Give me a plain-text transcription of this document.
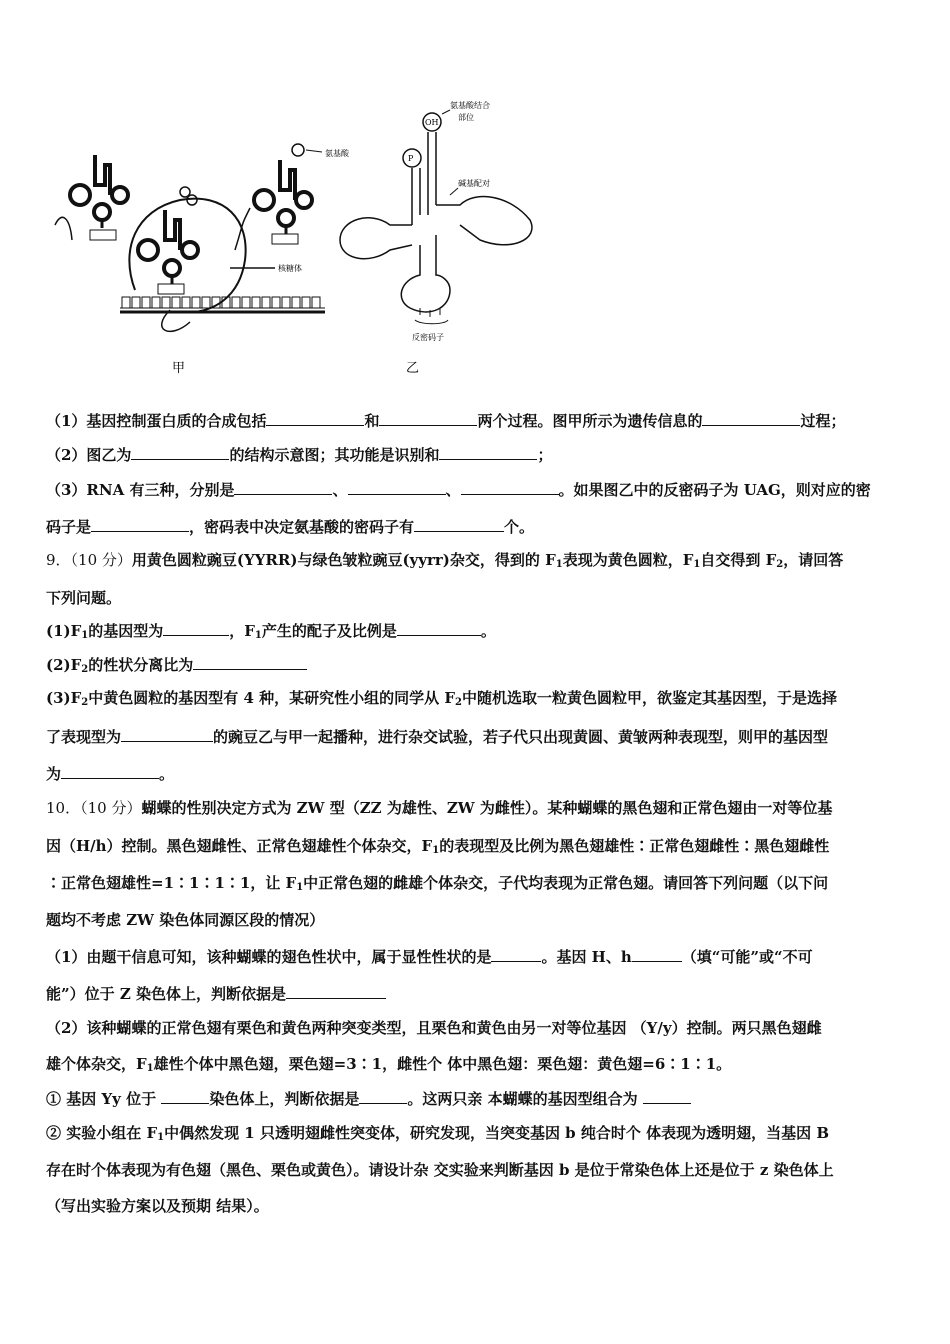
氨基酸
核糖体
OH
P
氨基酸结合
部位
碱基配对
反密码子
甲	乙
（1）基因控制蛋白质的合成包括	和	两个过程。图甲所示为遗传信息的	过程；
（2）图乙为	的结构示意图；其功能是识别和	；
（3）RNA 有三种，分别是	、	、	。如果图乙中的反密码子为 UAG，则对应的密
码子是	，密码表中决定氨基酸的密码子有	个。
9．（10 分）用黄色圆粒豌豆(YYRR)与绿色皱粒豌豆(yyrr)杂交，得到的 $F_1$表现为黄色圆粒，$F_1$自交得到 $F_2$，请回答
下列问题。
$(1)F_1$的基因型为	，$F_1$产生的配子及比例是	。
$(2)F_2$的性状分离比为
$(3)F_2$中黄色圆粒的基因型有 4 种，某研究性小组的同学从 $F_2$中随机选取一粒黄色圆粒甲，欲鉴定其基因型，于是选择
了表现型为	的豌豆乙与甲一起播种，进行杂交试验，若子代只出现黄圆、黄皱两种表现型，则甲的基因型
为	。
10．（10 分）蝴蝶的性别决定方式为 ZW 型（ZZ 为雄性、ZW 为雌性）。某种蝴蝶的黑色翅和正常色翅由一对等位基
因（H/h）控制。黑色翅雌性、正常色翅雄性个体杂交，$F_1$的表现型及比例为黑色翅雄性∶正常色翅雌性∶黑色翅雌性
∶正常色翅雄性=1∶1∶1∶1，让 $F_1$中正常色翅的雌雄个体杂交，子代均表现为正常色翅。请回答下列问题（以下问
题均不考虑 ZW 染色体同源区段的情况）
（1）由题干信息可知，该种蝴蝶的翅色性状中，属于显性性状的是	。基因 H、h	（填“可能”或“不可
能”）位于 Z 染色体上，判断依据是
（2）该种蝴蝶的正常色翅有栗色和黄色两种突变类型，且栗色和黄色由另一对等位基因 （Y/y）控制。两只黑色翅雌
雄个体杂交，$F_1$雄性个体中黑色翅，栗色翅=3∶1，雌性个 体中黑色翅：栗色翅：黄色翅=6∶1∶1。
① 基因 Yy 位于	染色体上，判断依据是	。这两只亲 本蝴蝶的基因型组合为
② 实验小组在 $F_1$中偶然发现 1 只透明翅雌性突变体，研究发现，当突变基因 b 纯合时个 体表现为透明翅，当基因 B
存在时个体表现为有色翅（黑色、栗色或黄色）。请设计杂 交实验来判断基因 b 是位于常染色体上还是位于 z 染色体上
（写出实验方案以及预期 结果）。
